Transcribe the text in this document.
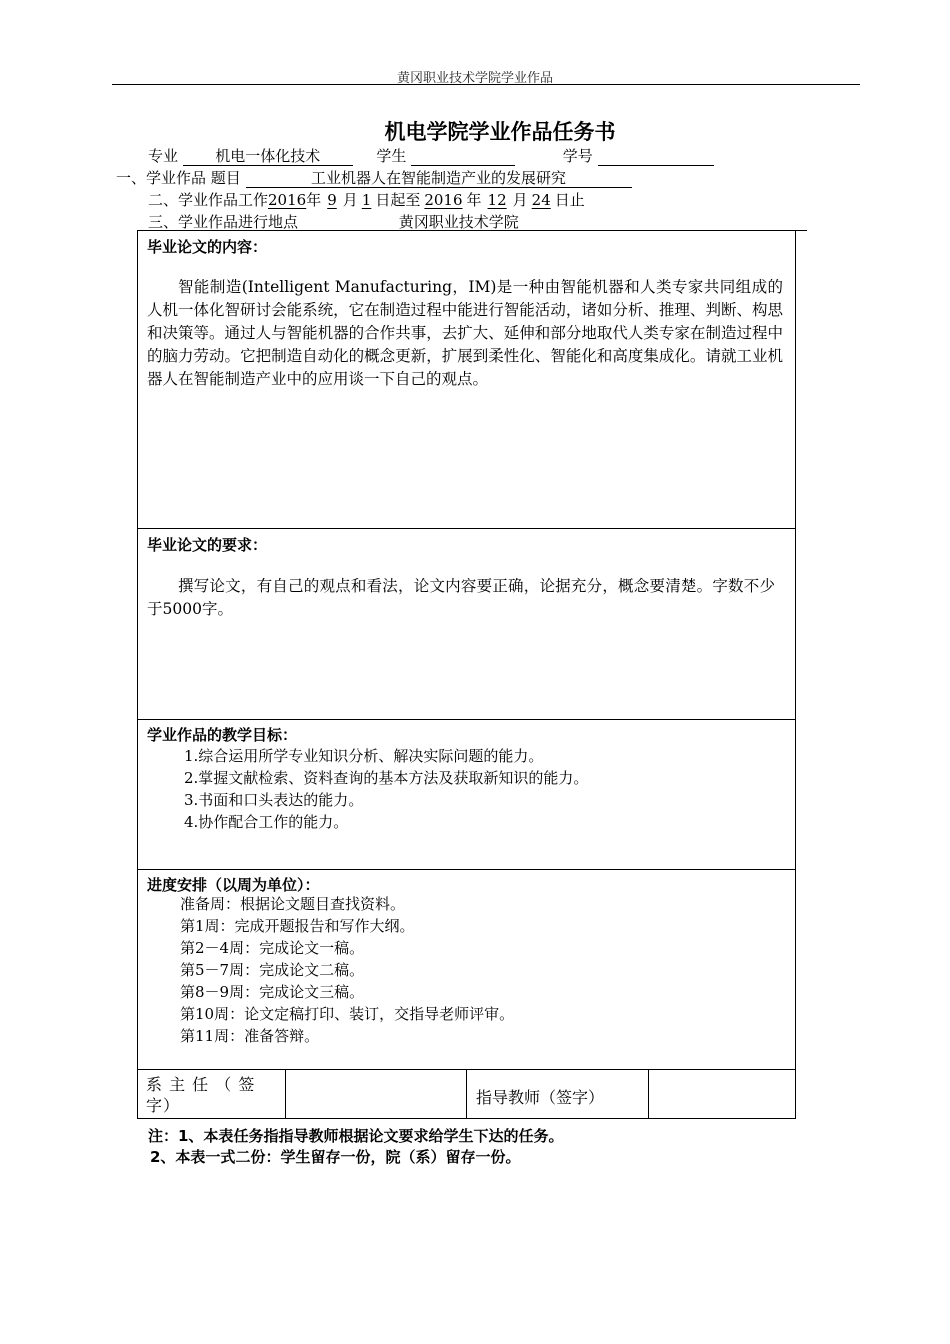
黄冈职业技术学院学业作品
机电学院学业作品任务书
专业 机电一体化技术	学生	学号
一、学业作品 题目	工业机器人在智能制造产业的发展研究
二、学业作品工作2016年 9 月 1 日起至 2016 年 12 月 24 日止
三、学业作品进行地点	黄冈职业技术学院
毕业论文的内容：
智能制造(Intelligent Manufacturing，IM)是一种由智能机器和人类专家共同组成的人机一体化智研讨会能系统，它在制造过程中能进行智能活动，诸如分析、推理、判断、构思和决策等。通过人与智能机器的合作共事，去扩大、延伸和部分地取代人类专家在制造过程中的脑力劳动。它把制造自动化的概念更新，扩展到柔性化、智能化和高度集成化。请就工业机器人在智能制造产业中的应用谈一下自己的观点。
毕业论文的要求：
撰写论文，有自己的观点和看法，论文内容要正确，论据充分，概念要清楚。字数不少于5000字。
学业作品的教学目标：
1.综合运用所学专业知识分析、解决实际问题的能力。
2.掌握文献检索、资料查询的基本方法及获取新知识的能力。
3.书面和口头表达的能力。
4.协作配合工作的能力。
进度安排（以周为单位）：
准备周：根据论文题目查找资料。
第1周：完成开题报告和写作大纲。
第2－4周：完成论文一稿。
第5－7周：完成论文二稿。
第8－9周：完成论文三稿。
第10周：论文定稿打印、装订，交指导老师评审。
第11周：准备答辩。
系 主 任 （ 签 字）	指导教师（签字）
注：1、本表任务指指导教师根据论文要求给学生下达的任务。
2、本表一式二份：学生留存一份，院（系）留存一份。
